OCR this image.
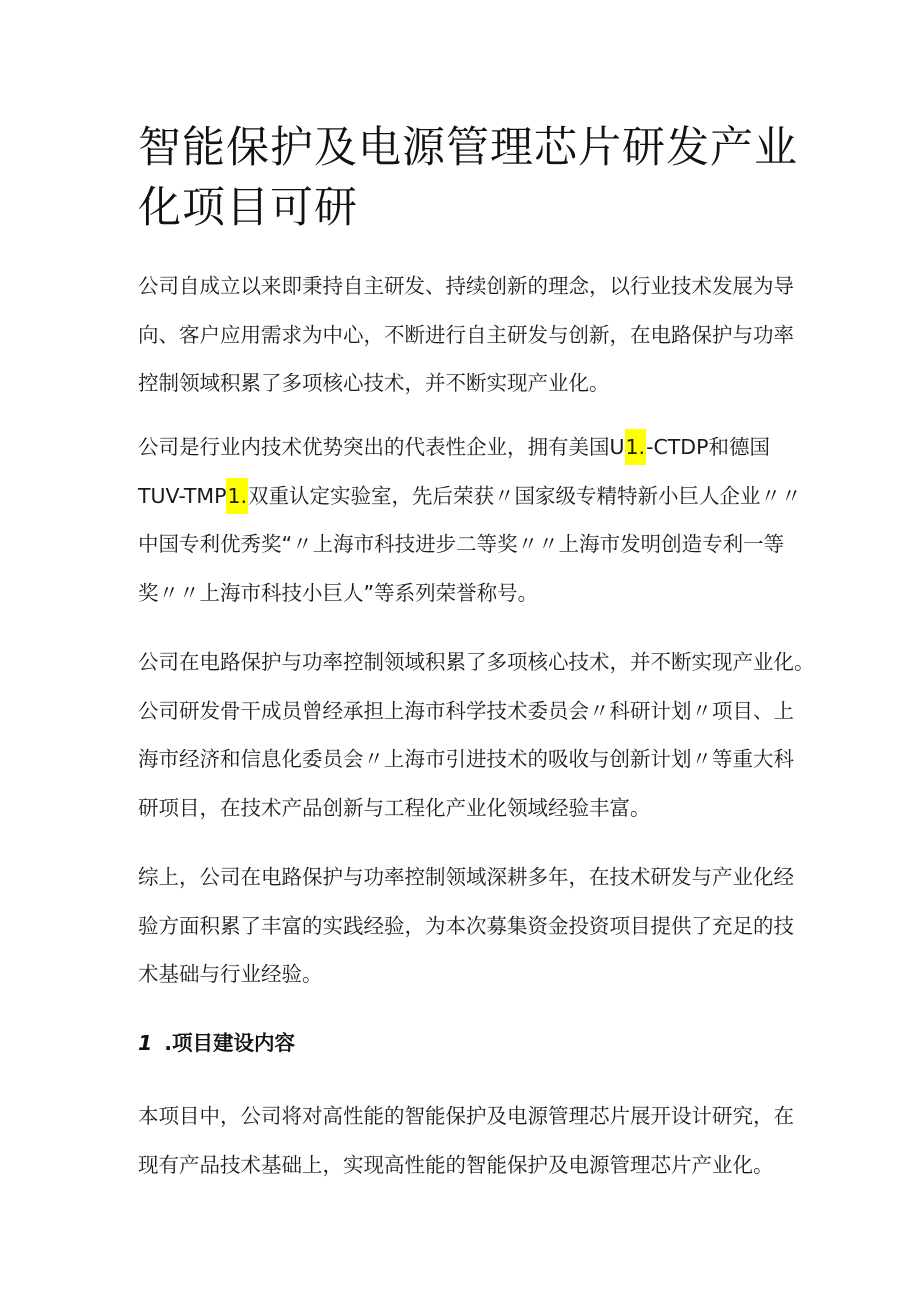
智能保护及电源管理芯片研发产业
化项目可研

公司自成立以来即秉持自主研发、持续创新的理念，以行业技术发展为导
向、客户应用需求为中心，不断进行自主研发与创新，在电路保护与功率
控制领域积累了多项核心技术，并不断实现产业化。

公司是行业内技术优势突出的代表性企业，拥有美国U1.-CTDP和德国
TUV-TMP1.双重认定实验室，先后荣获〃国家级专精特新小巨人企业〃〃
中国专利优秀奖“〃上海市科技进步二等奖〃〃上海市发明创造专利一等
奖〃〃上海市科技小巨人”等系列荣誉称号。

公司在电路保护与功率控制领域积累了多项核心技术，并不断实现产业化。
公司研发骨干成员曾经承担上海市科学技术委员会〃科研计划〃项目、上
海市经济和信息化委员会〃上海市引进技术的吸收与创新计划〃等重大科
研项目，在技术产品创新与工程化产业化领域经验丰富。

综上，公司在电路保护与功率控制领域深耕多年，在技术研发与产业化经
验方面积累了丰富的实践经验，为本次募集资金投资项目提供了充足的技
术基础与行业经验。

1 .项目建设内容

本项目中，公司将对高性能的智能保护及电源管理芯片展开设计研究，在
现有产品技术基础上，实现高性能的智能保护及电源管理芯片产业化。
